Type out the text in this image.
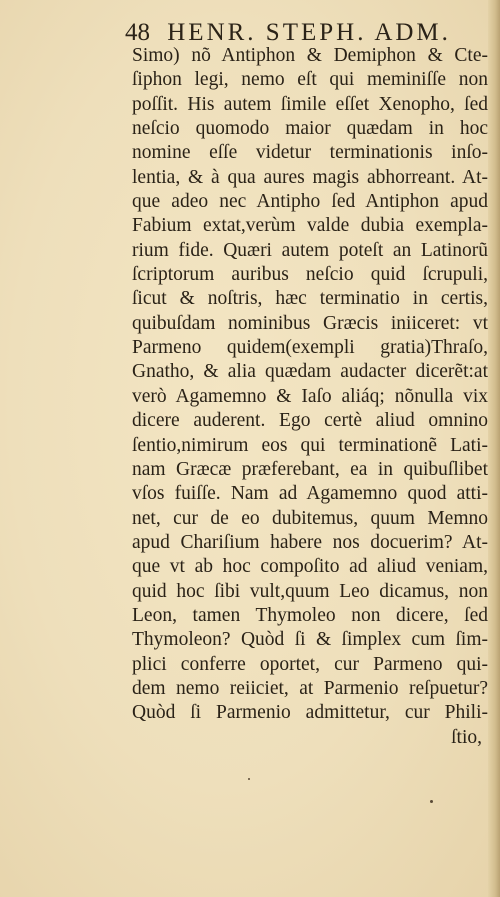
48 HENR. STEPH. ADM.
Simo) nõ Antiphon & Demiphon & Cte-
ſiphon legi, nemo eſt qui meminiſſe non
poſſit. His autem ſimile eſſet Xenopho, ſed
neſcio quomodo maior quædam in hoc
nomine eſſe videtur terminationis inſo-
lentia, & à qua aures magis abhorreant. At-
que adeo nec Antipho ſed Antiphon apud
Fabium extat,verùm valde dubia exempla-
rium fide. Quæri autem poteſt an Latinorũ
ſcriptorum auribus neſcio quid ſcrupuli,
ſicut & noſtris, hæc terminatio in certis,
quibuſdam nominibus Græcis iniiceret: vt
Parmeno quidem(exempli gratia)Thraſo,
Gnatho, & alia quædam audacter dicerẽt:at
verò Agamemno & Iaſo aliáq; nõnulla vix
dicere auderent. Ego certè aliud omnino
ſentio,nimirum eos qui terminationẽ Lati-
nam Græcæ præferebant, ea in quibuſlibet
vſos fuiſſe. Nam ad Agamemno quod atti-
net, cur de eo dubitemus, quum Memno
apud Chariſium habere nos docuerim? At-
que vt ab hoc compoſito ad aliud veniam,
quid hoc ſibi vult,quum Leo dicamus, non
Leon, tamen Thymoleo non dicere, ſed
Thymoleon? Quòd ſi & ſimplex cum ſim-
plici conferre oportet, cur Parmeno qui-
dem nemo reiiciet, at Parmenio reſpuetur?
Quòd ſi Parmenio admittetur, cur Phili-
ſtio,
